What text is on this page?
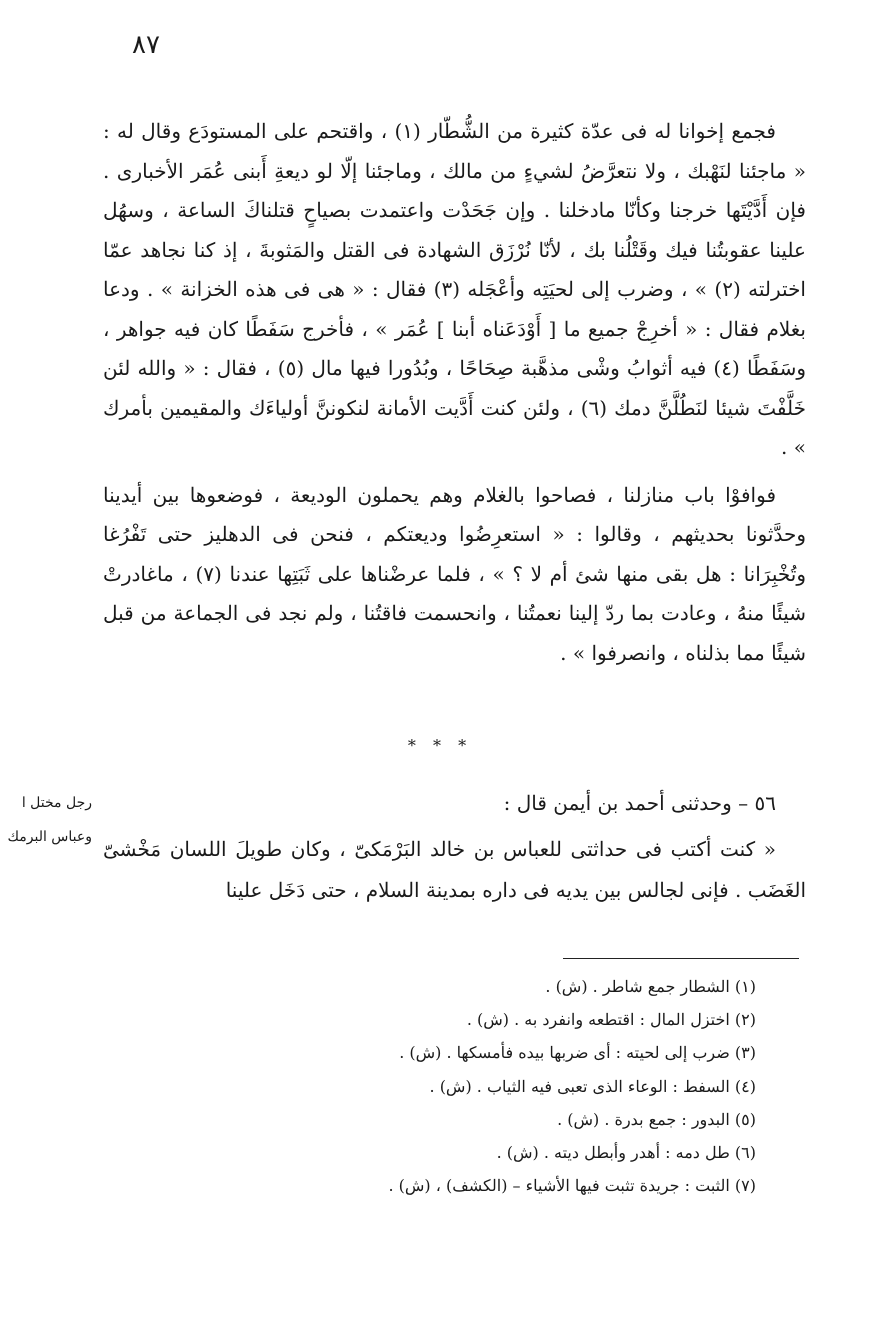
٨٧

فجمع إخوانا له فى عدّة كثيرة من الشُّطّار (١) ، واقتحم على المستودَع وقال له : « ماجئنا لنَهْبك ، ولا نتعرَّضُ لشيءٍ من مالك ، وماجئنا إلّا لو ديعةِ أَبنى عُمَر الأخبارى . فإن أَدَّيْتَها خرجنا وكأنّا مادخلنا . وإن جَحَدْت واعتمدت بصياحٍ قتلناكَ الساعة ، وسهُل علينا عقوبتُنا فيك وقَتْلُنا بك ، لأنّا نُرْزَق الشهادة فى القتل والمَثوبةَ ، إذ كنا نجاهد عمّا اخترلته (٢) » ، وضرب إلى لحيَتِه وأعْجَله (٣) فقال : « هى فى هذه الخزانة » . ودعا بغلام فقال : « أخرِجْ جميع ما [ أَوْدَعَناه أبنا ] عُمَر » ، فأخرج سَفَطًا كان فيه جواهر ، وسَفَطًا (٤) فيه أثوابُ وشْى مذهَّبة صِحَاحًا ، وبُدُورا فيها مال (٥) ، فقال : « والله لئن خَلَّفْتَ شيئا لنَطُلَّنَّ دمك (٦) ، ولئن كنت أَدَّيت الأمانة لنكوننَّ أولياءَك والمقيمين بأمرك » .

فوافوْا باب منازلنا ، فصاحوا بالغلام وهم يحملون الوديعة ، فوضعوها بين أيدينا وحدَّثونا بحديثهم ، وقالوا : « استعرِضُوا وديعتكم ، فنحن فى الدهليز حتى تَفْرُغا وتُخْبِرَانا : هل بقى منها شئ أم لا ؟ » ، فلما عرضْناها على ثَبَتِها عندنا (٧) ، ماغادرتْ شيئًا منهُ ، وعادت بما ردّ إلينا نعمتُنا ، وانحسمت فاقتُنا ، ولم نجد فى الجماعة من قبل شيئًا مما بذلناه ، وانصرفوا » .

* * *

٥٦ – وحدثنى أحمد بن أيمن قال :

« كنت أكتب فى حداثتى للعباس بن خالد البَرْمَكىّ ، وكان طويلَ اللسان مَخْشىّ الغَضَب . فإنى لجالس بين يديه فى داره بمدينة السلام ، حتى دَخَل علينا

رجل مختل ا
وعباس البرمك
(١) الشطار جمع شاطر . (ش) .
(٢) اختزل المال : اقتطعه وانفرد به . (ش) .
(٣) ضرب إلى لحيته : أى ضربها بيده فأمسكها . (ش) .
(٤) السفط : الوعاء الذى تعبى فيه الثياب . (ش) .
(٥) البدور : جمع بدرة . (ش) .
(٦) طل دمه : أهدر وأبطل ديته . (ش) .
(٧) الثبت : جريدة تثبت فيها الأشياء – (الكشف) ، (ش) .
